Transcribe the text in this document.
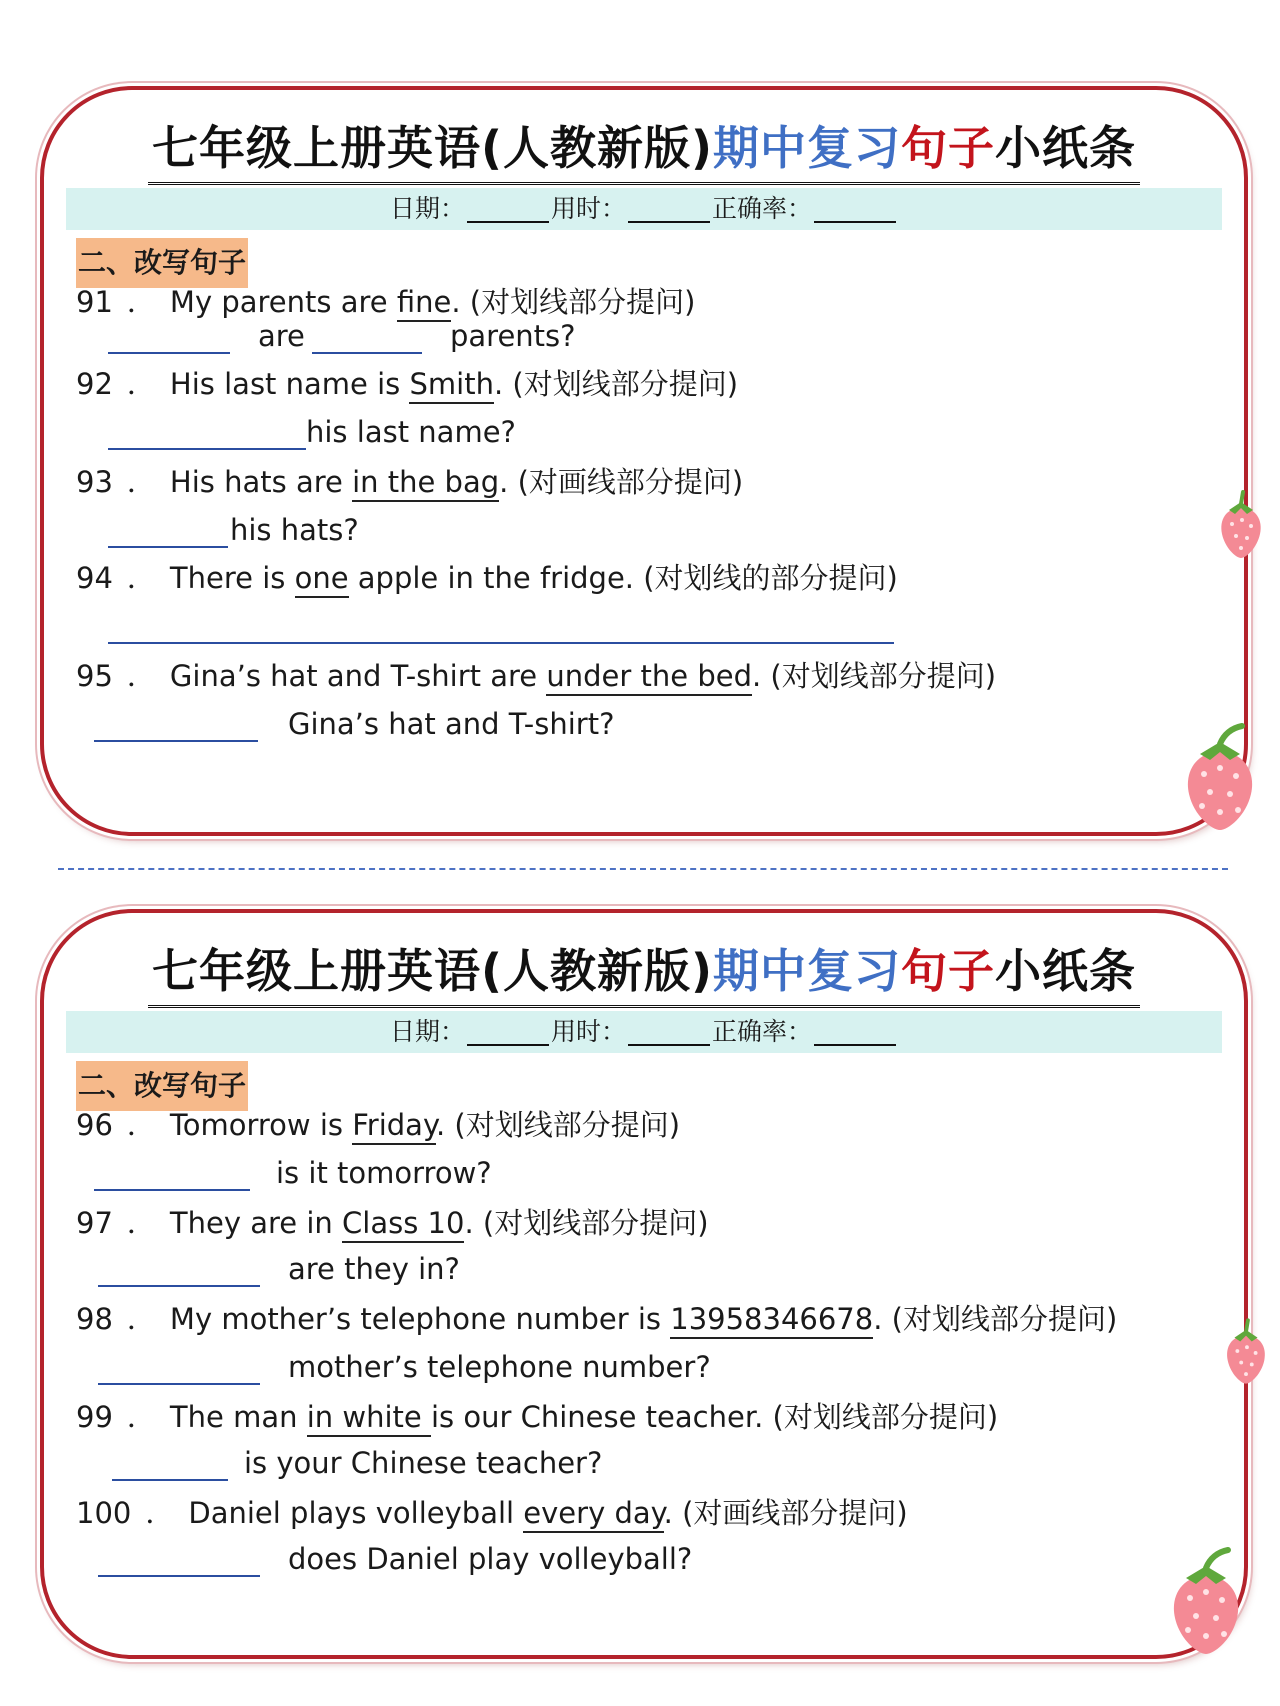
七年级上册英语(人教新版)期中复习句子小纸条
日期：	用时：	正确率：
二、改写句子
91 ． My parents are fine. (对划线部分提问)
are	parents?
92 ． His last name is Smith. (对划线部分提问)
his last name?
93 ． His hats are in the bag. (对画线部分提问)
his hats?
94 ． There is one apple in the fridge. (对划线的部分提问)
95 ． Gina’s hat and T-shirt are under the bed. (对划线部分提问)
Gina’s hat and T-shirt?
七年级上册英语(人教新版)期中复习句子小纸条
日期：	用时：	正确率：
二、改写句子
96 ． Tomorrow is Friday. (对划线部分提问)
is it tomorrow?
97 ． They are in Class 10. (对划线部分提问)
are they in?
98 ． My mother’s telephone number is 13958346678. (对划线部分提问)
mother’s telephone number?
99 ． The man in white is our Chinese teacher. (对划线部分提问)
is your Chinese teacher?
100 ． Daniel plays volleyball every day. (对画线部分提问)
does Daniel play volleyball?
